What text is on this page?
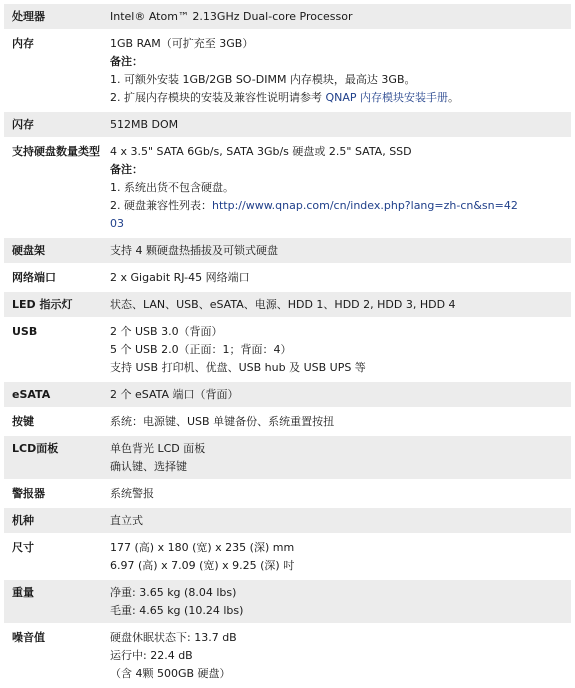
处理器	Intel® Atom™ 2.13GHz Dual-core Processor
内存	1GB RAM（可扩充至 3GB）
备注：
1. 可额外安装 1GB/2GB SO-DIMM 内存模块，最高达 3GB。
2. 扩展内存模块的安装及兼容性说明请参考 QNAP 内存模块安装手册。
闪存	512MB DOM
支持硬盘数量类型 4 x 3.5" SATA 6Gb/s, SATA 3Gb/s 硬盘或 2.5" SATA, SSD
备注：
1. 系统出货不包含硬盘。
2. 硬盘兼容性列表：http://www.qnap.com/cn/index.php?lang=zh-cn&sn=4203
硬盘架	支持 4 颗硬盘热插拔及可锁式硬盘
网络端口	2 x Gigabit RJ-45 网络端口
LED 指示灯	状态、LAN、USB、eSATA、电源、HDD 1、HDD 2, HDD 3, HDD 4
USB	2 个 USB 3.0（背面）
5 个 USB 2.0（正面：1；背面：4）
支持 USB 打印机、优盘、USB hub 及 USB UPS 等
eSATA	2 个 eSATA 端口（背面）
按键	系统：电源键、USB 单键备份、系统重置按扭
LCD面板	单色背光 LCD 面板
确认键、选择键
警报器	系统警报
机种	直立式
尺寸	177 (高) x 180 (宽) x 235 (深) mm
6.97 (高) x 7.09 (宽) x 9.25 (深) 吋
重量	净重: 3.65 kg (8.04 lbs)
毛重: 4.65 kg (10.24 lbs)
噪音值	硬盘休眠状态下: 13.7 dB
运行中: 22.4 dB
（含 4颗 500GB 硬盘）
